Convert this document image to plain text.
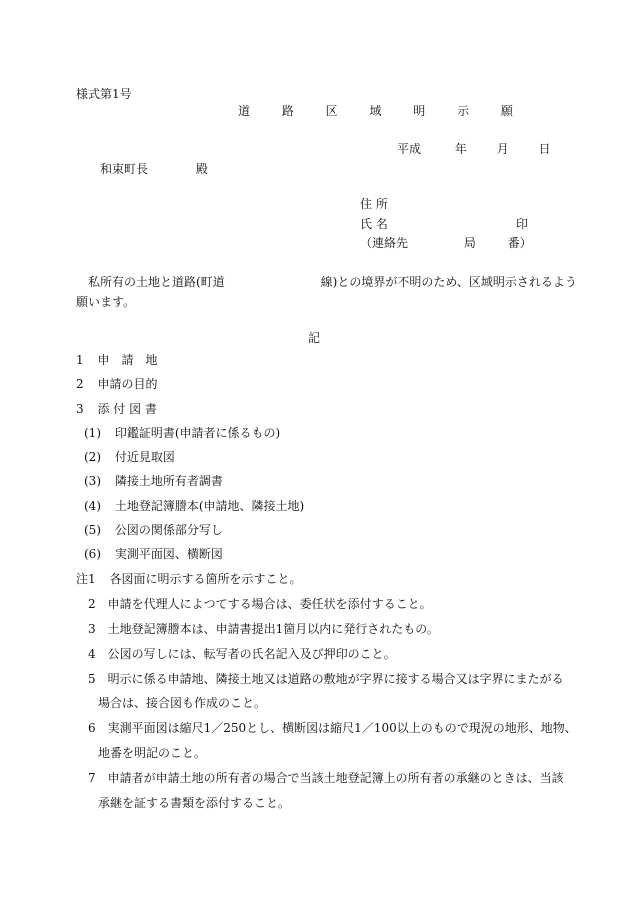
様式第1号
道 路 区 域 明 示 願
平成	年 月 日
和束町長	殿
住 所
氏 名	印
（連絡先	局	番）
私所有の土地と道路(町道　　　　　　　　線)との境界が不明のため、区域明示されるよう
願います。
記
1 申　請　地
2 申請の目的
3 添 付 図 書
(1) 印鑑証明書(申請者に係るもの)
(2) 付近見取図
(3) 隣接土地所有者調書
(4) 土地登記簿謄本(申請地、隣接土地)
(5) 公図の関係部分写し
(6) 実測平面図、横断図
注1 各図面に明示する箇所を示すこと。
2　申請を代理人によつてする場合は、委任状を添付すること。
3　土地登記簿謄本は、申請書提出1箇月以内に発行されたもの。
4　公図の写しには、転写者の氏名記入及び押印のこと。
5　明示に係る申請地、隣接土地又は道路の敷地が字界に接する場合又は字界にまたがる
場合は、接合図も作成のこと。
6　実測平面図は縮尺1／250とし、横断図は縮尺1／100以上のもので現況の地形、地物、
地番を明記のこと。
7　申請者が申請土地の所有者の場合で当該土地登記簿上の所有者の承継のときは、当該
承継を証する書類を添付すること。
